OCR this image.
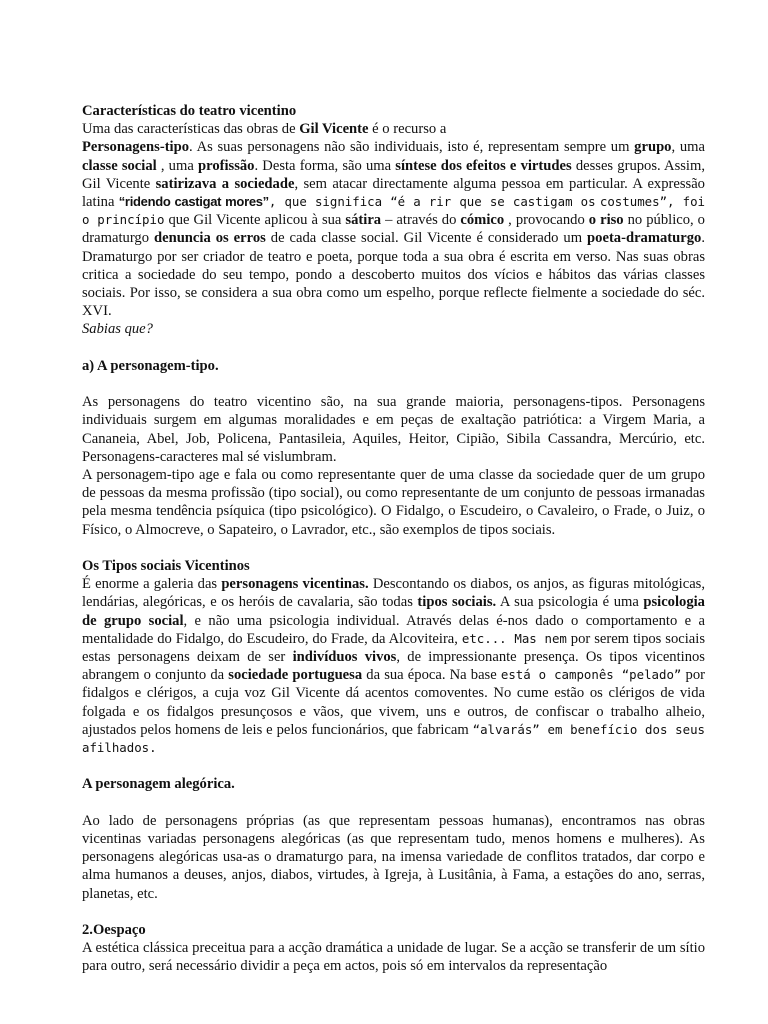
Características do teatro vicentino

Uma das características das obras de Gil Vicente é o recurso a
Personagens-tipo. As suas personagens não são individuais, isto é, representam sempre um grupo, uma classe social , uma profissão. Desta forma, são uma síntese dos efeitos e virtudes desses grupos. Assim, Gil Vicente satirizava a sociedade, sem atacar directamente alguma pessoa em particular. A expressão latina “ridendo castigat mores”, que significa “é a rir que se castigam os costumes”, foi o princípio que Gil Vicente aplicou à sua sátira – através do cómico , provocando o riso no público, o dramaturgo denuncia os erros de cada classe social. Gil Vicente é considerado um poeta-dramaturgo. Dramaturgo por ser criador de teatro e poeta, porque toda a sua obra é escrita em verso. Nas suas obras critica a sociedade do seu tempo, pondo a descoberto muitos dos vícios e hábitos das várias classes sociais. Por isso, se considera a sua obra como um espelho, porque reflecte fielmente a sociedade do séc. XVI.

Sabias que?

a) A personagem-tipo.

As personagens do teatro vicentino são, na sua grande maioria, personagens-tipos. Personagens individuais surgem em algumas moralidades e em peças de exaltação patriótica: a Virgem Maria, a Cananeia, Abel, Job, Policena, Pantasileia, Aquiles, Heitor, Cipião, Sibila Cassandra, Mercúrio, etc. Personagens-caracteres mal sé vislumbram.

A personagem-tipo age e fala ou como representante quer de uma classe da sociedade quer de um grupo de pessoas da mesma profissão (tipo social), ou como representante de um conjunto de pessoas irmanadas pela mesma tendência psíquica (tipo psicológico). O Fidalgo, o Escudeiro, o Cavaleiro, o Frade, o Juiz, o Físico, o Almocreve, o Sapateiro, o Lavrador, etc., são exemplos de tipos sociais.

Os Tipos sociais Vicentinos

É enorme a galeria das personagens vicentinas. Descontando os diabos, os anjos, as figuras mitológicas, lendárias, alegóricas, e os heróis de cavalaria, são todas tipos sociais. A sua psicologia é uma psicologia de grupo social, e não uma psicologia individual. Através delas é-nos dado o comportamento e a mentalidade do Fidalgo, do Escudeiro, do Frade, da Alcoviteira, etc... Mas nem por serem tipos sociais estas personagens deixam de ser indivíduos vivos, de impressionante presença. Os tipos vicentinos abrangem o conjunto da sociedade portuguesa da sua época. Na base está o camponês “pelado” por fidalgos e clérigos, a cuja voz Gil Vicente dá acentos comoventes. No cume estão os clérigos de vida folgada e os fidalgos presunçosos e vãos, que vivem, uns e outros, de confiscar o trabalho alheio, ajustados pelos homens de leis e pelos funcionários, que fabricam “alvarás” em benefício dos seus afilhados.

A personagem alegórica.

Ao lado de personagens próprias (as que representam pessoas humanas), encontramos nas obras vicentinas variadas personagens alegóricas (as que representam tudo, menos homens e mulheres). As personagens alegóricas usa-as o dramaturgo para, na imensa variedade de conflitos tratados, dar corpo e alma humanos a deuses, anjos, diabos, virtudes, à Igreja, à Lusitânia, à Fama, a estações do ano, serras, planetas, etc.

2.Oespaço

A estética clássica preceitua para a acção dramática a unidade de lugar. Se a acção se transferir de um sítio para outro, será necessário dividir a peça em actos, pois só em intervalos da representação
